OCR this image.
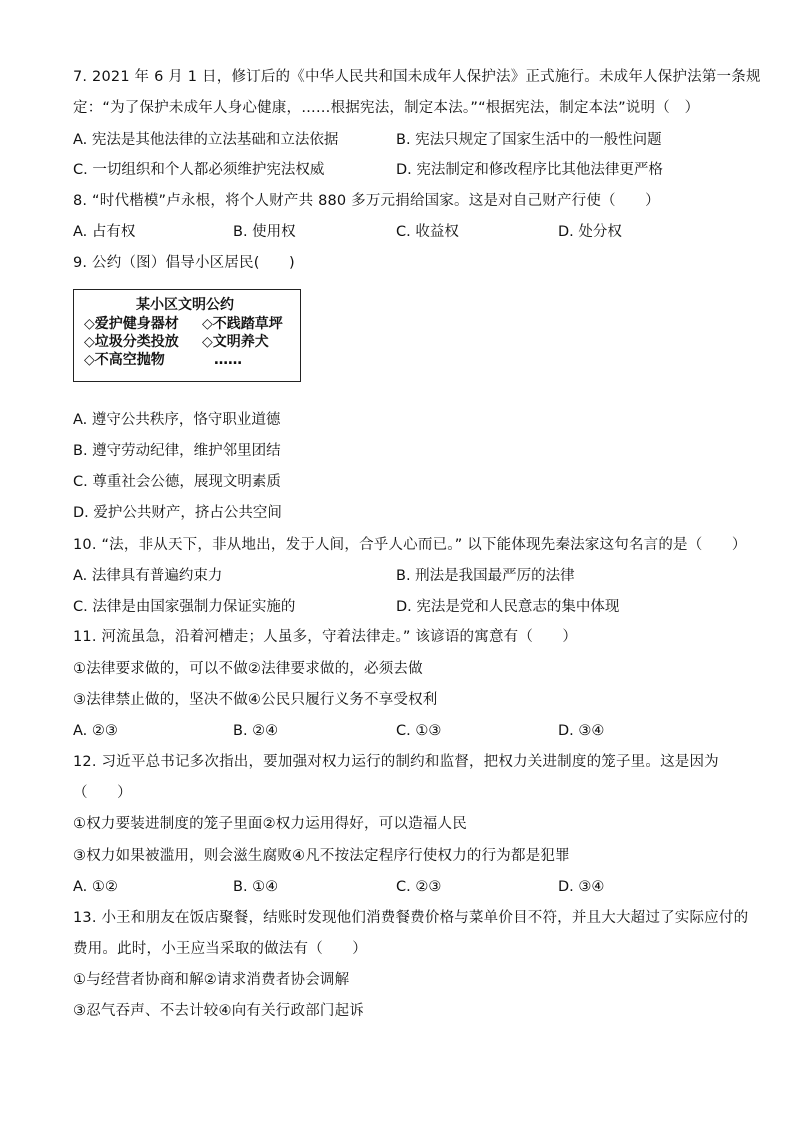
7. 2021 年 6 月 1 日，修订后的《中华人民共和国未成年人保护法》正式施行。未成年人保护法第一条规
定：“为了保护未成年人身心健康，……根据宪法，制定本法。”“根据宪法，制定本法”说明（　）
A. 宪法是其他法律的立法基础和立法依据	B. 宪法只规定了国家生活中的一般性问题
C. 一切组织和个人都必须维护宪法权威	D. 宪法制定和修改程序比其他法律更严格
8. “时代楷模”卢永根，将个人财产共 880 多万元捐给国家。这是对自己财产行使（　　）
A. 占有权	B. 使用权	C. 收益权	D. 处分权
9. 公约（图）倡导小区居民(　　)
某小区文明公约
◇爱护健身器材 ◇不践踏草坪
◇垃圾分类投放 ◇文明养犬
◇不高空抛物	……
A. 遵守公共秩序，恪守职业道德
B. 遵守劳动纪律，维护邻里团结
C. 尊重社会公德，展现文明素质
D. 爱护公共财产，挤占公共空间
10. “法，非从天下，非从地出，发于人间，合乎人心而已。” 以下能体现先秦法家这句名言的是（　　）
A. 法律具有普遍约束力	B. 刑法是我国最严厉的法律
C. 法律是由国家强制力保证实施的	D. 宪法是党和人民意志的集中体现
11. 河流虽急，沿着河槽走；人虽多，守着法律走。” 该谚语的寓意有（　　）
①法律要求做的，可以不做②法律要求做的，必须去做
③法律禁止做的，坚决不做④公民只履行义务不享受权利
A. ②③	B. ②④	C. ①③	D. ③④
12. 习近平总书记多次指出，要加强对权力运行的制约和监督，把权力关进制度的笼子里。这是因为
（　　）
①权力要装进制度的笼子里面②权力运用得好，可以造福人民
③权力如果被滥用，则会滋生腐败④凡不按法定程序行使权力的行为都是犯罪
A. ①②	B. ①④	C. ②③	D. ③④
13. 小王和朋友在饭店聚餐，结账时发现他们消费餐费价格与菜单价目不符，并且大大超过了实际应付的
费用。此时，小王应当采取的做法有（　　）
①与经营者协商和解②请求消费者协会调解
③忍气吞声、不去计较④向有关行政部门起诉
